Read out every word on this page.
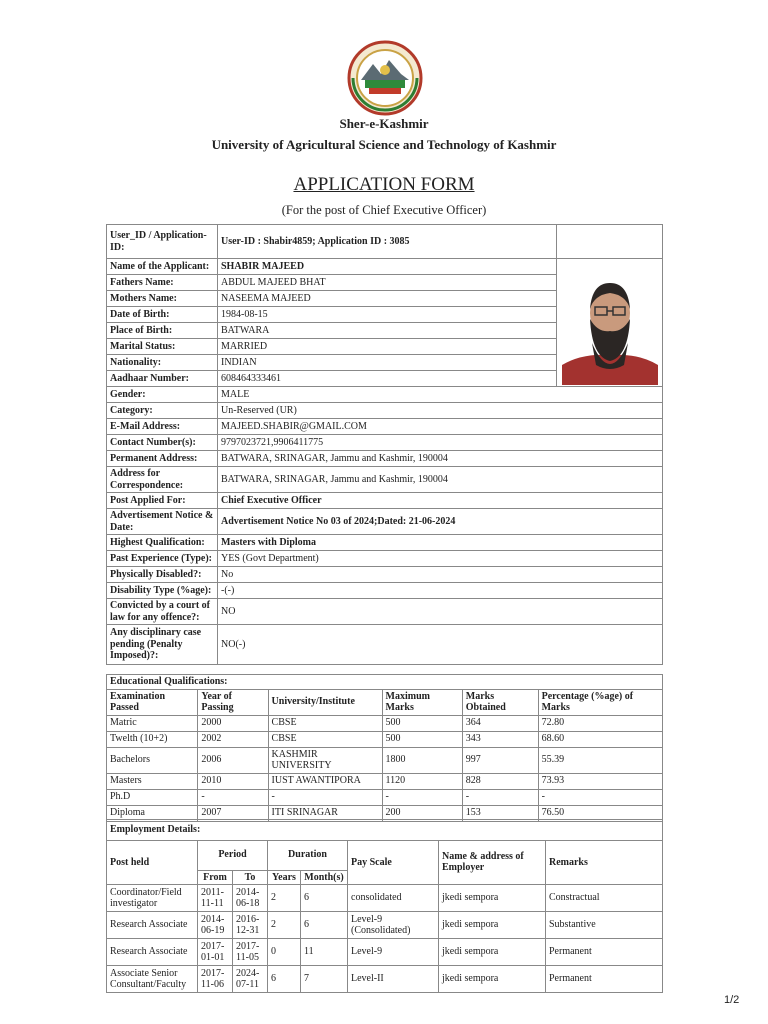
Sher-e-Kashmir
University of Agricultural Science and Technology of Kashmir
APPLICATION FORM
(For the post of Chief Executive Officer)
User_ID / Application-ID:	User-ID : Shabir4859; Application ID : 3085	
Name of the Applicant:	SHABIR MAJEED	

Fathers Name:	ABDUL MAJEED BHAT	
Mothers Name:	NASEEMA MAJEED	
Date of Birth:	1984-08-15	
Place of Birth:	BATWARA	
Marital Status:	MARRIED	
Nationality:	INDIAN	
Aadhaar Number:	608464333461	
Gender:	MALE	
Category:	Un-Reserved (UR)	
E-Mail Address:	MAJEED.SHABIR@GMAIL.COM	
Contact Number(s):	9797023721,9906411775	
Permanent Address:	BATWARA, SRINAGAR, Jammu and Kashmir, 190004	
Address for Correspondence:	BATWARA, SRINAGAR, Jammu and Kashmir, 190004	
Post Applied For:	Chief Executive Officer	
Advertisement Notice & Date:	Advertisement Notice No 03 of 2024;Dated: 21-06-2024	
Highest Qualification:	Masters with Diploma	
Past Experience (Type):	YES (Govt Department)	
Physically Disabled?:	No	
Disability Type (%age):	-(-)	
Convicted by a court of law for any offence?:	NO	
Any disciplinary case pending (Penalty Imposed)?:	NO(-)	
Educational Qualifications:					
Examination Passed	Year of Passing	University/Institute	Maximum Marks	Marks Obtained	Percentage (%age) of Marks
Matric	2000	CBSE	500	364	72.80
Twelth (10+2)	2002	CBSE	500	343	68.60
Bachelors	2006	KASHMIR UNIVERSITY	1800	997	55.39
Masters	2010	IUST AWANTIPORA	1120	828	73.93
Ph.D	-	-	-	-	-
Diploma	2007	ITI SRINAGAR	200	153	76.50
Employment Details:							
Post held	Period		Duration		Pay Scale	Name & address of Employer	Remarks
	From	To	Years	Month(s)			
Coordinator/Field investigator	2011-11-11	2014-06-18	2	6	consolidated	jkedi sempora	Constractual
Research Associate	2014-06-19	2016-12-31	2	6	Level-9 (Consolidated)	jkedi sempora	Substantive
Research Associate	2017-01-01	2017-11-05	0	11	Level-9	jkedi sempora	Permanent
Associate Senior Consultant/Faculty	2017-11-06	2024-07-11	6	7	Level-II	jkedi sempora	Permanent
1/2
